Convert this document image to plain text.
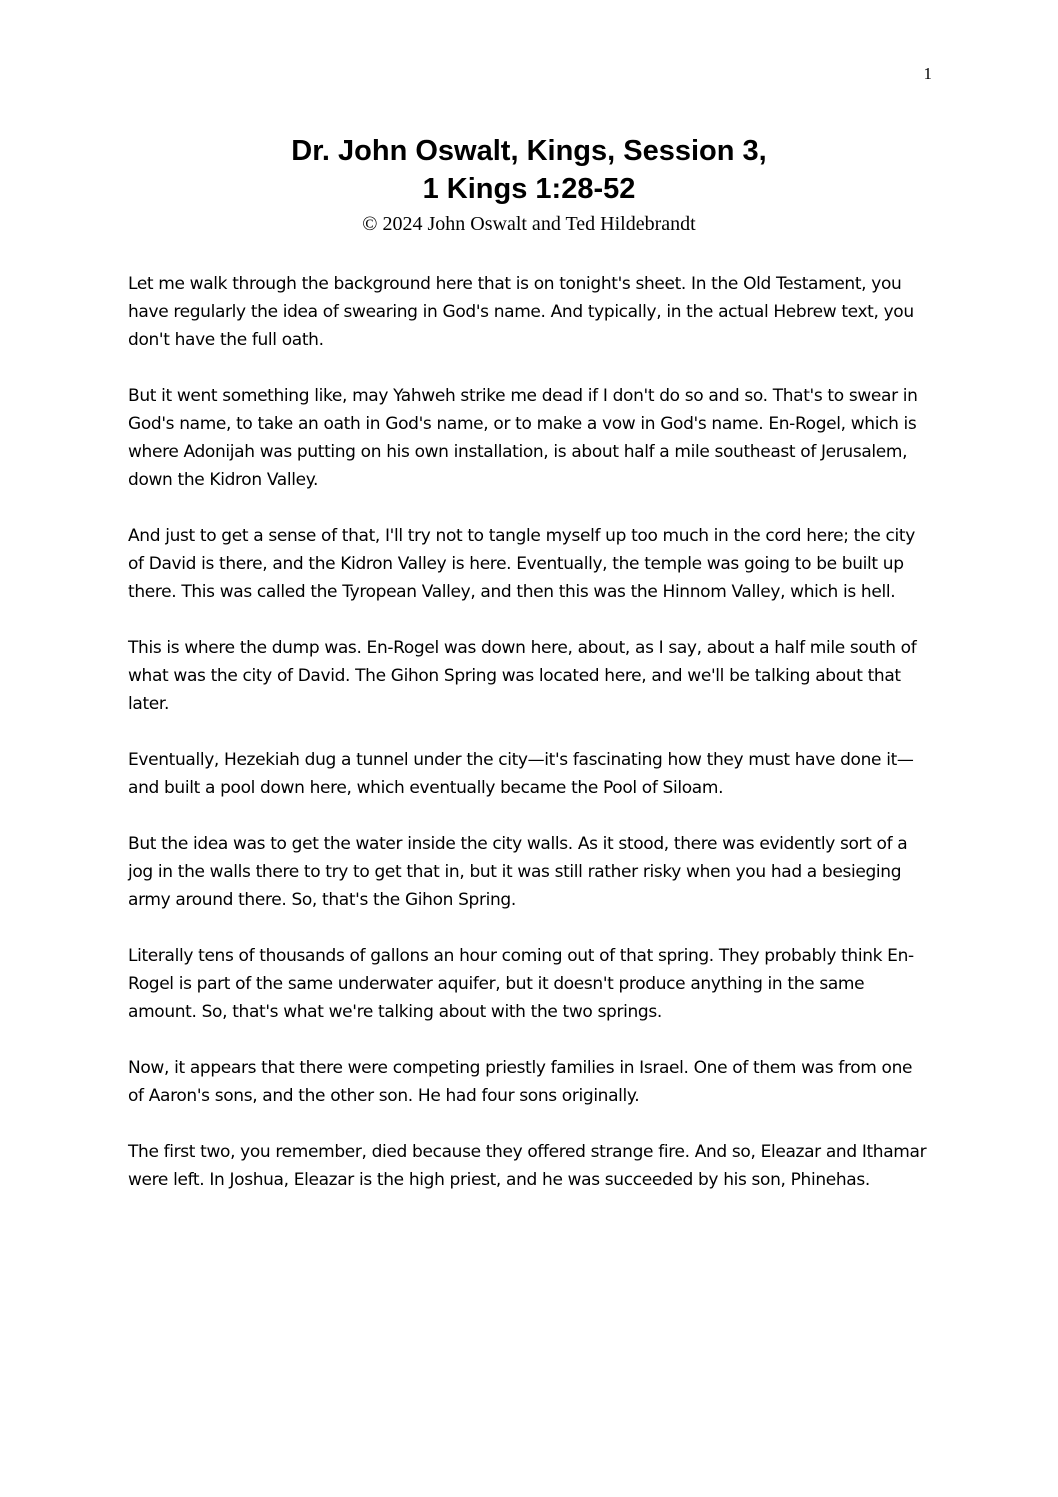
1
Dr. John Oswalt, Kings, Session 3,
1 Kings 1:28-52
© 2024 John Oswalt and Ted Hildebrandt

Let me walk through the background here that is on tonight's sheet. In the Old Testament, you have regularly the idea of swearing in God's name. And typically, in the actual Hebrew text, you don't have the full oath.

But it went something like, may Yahweh strike me dead if I don't do so and so. That's to swear in God's name, to take an oath in God's name, or to make a vow in God's name. En-Rogel, which is where Adonijah was putting on his own installation, is about half a mile southeast of Jerusalem, down the Kidron Valley.

And just to get a sense of that, I'll try not to tangle myself up too much in the cord here; the city of David is there, and the Kidron Valley is here. Eventually, the temple was going to be built up there. This was called the Tyropean Valley, and then this was the Hinnom Valley, which is hell.

This is where the dump was. En-Rogel was down here, about, as I say, about a half mile south of what was the city of David. The Gihon Spring was located here, and we'll be talking about that later.

Eventually, Hezekiah dug a tunnel under the city—it's fascinating how they must have done it—and built a pool down here, which eventually became the Pool of Siloam.

But the idea was to get the water inside the city walls. As it stood, there was evidently sort of a jog in the walls there to try to get that in, but it was still rather risky when you had a besieging army around there. So, that's the Gihon Spring.

Literally tens of thousands of gallons an hour coming out of that spring. They probably think En-Rogel is part of the same underwater aquifer, but it doesn't produce anything in the same amount. So, that's what we're talking about with the two springs.

Now, it appears that there were competing priestly families in Israel. One of them was from one of Aaron's sons, and the other son. He had four sons originally.

The first two, you remember, died because they offered strange fire. And so, Eleazar and Ithamar were left. In Joshua, Eleazar is the high priest, and he was succeeded by his son, Phinehas.
